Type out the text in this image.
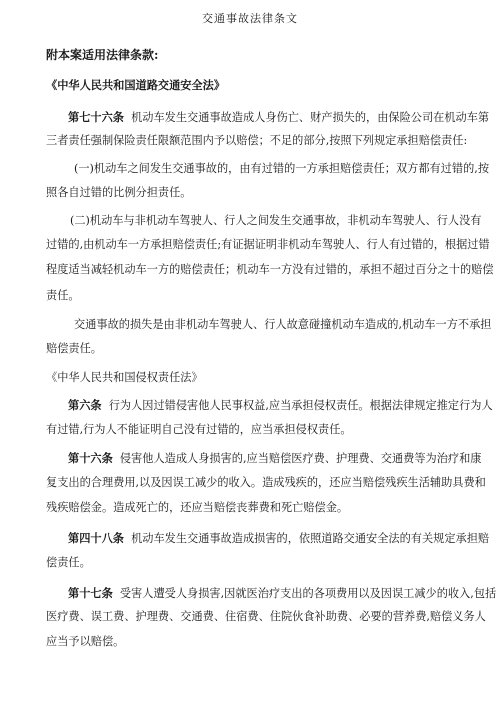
交通事故法律条文
附本案适用法律条款:
《中华人民共和国道路交通安全法》
第七十六条 机动车发生交通事故造成人身伤亡、财产损失的，由保险公司在机动车第
三者责任强制保险责任限额范围内予以赔偿；不足的部分,按照下列规定承担赔偿责任:
(一)机动车之间发生交通事故的，由有过错的一方承担赔偿责任；双方都有过错的,按
照各自过错的比例分担责任。
(二)机动车与非机动车驾驶人、行人之间发生交通事故，非机动车驾驶人、行人没有
过错的,由机动车一方承担赔偿责任;有证据证明非机动车驾驶人、行人有过错的，根据过错
程度适当减轻机动车一方的赔偿责任；机动车一方没有过错的，承担不超过百分之十的赔偿
责任。
交通事故的损失是由非机动车驾驶人、行人故意碰撞机动车造成的,机动车一方不承担
赔偿责任。
《中华人民共和国侵权责任法》
第六条 行为人因过错侵害他人民事权益,应当承担侵权责任。根据法律规定推定行为人
有过错,行为人不能证明自己没有过错的，应当承担侵权责任。
第十六条 侵害他人造成人身损害的,应当赔偿医疗费、护理费、交通费等为治疗和康
复支出的合理费用,以及因误工减少的收入。造成残疾的，还应当赔偿残疾生活辅助具费和
残疾赔偿金。造成死亡的，还应当赔偿丧葬费和死亡赔偿金。
第四十八条 机动车发生交通事故造成损害的，依照道路交通安全法的有关规定承担赔
偿责任。
第十七条 受害人遭受人身损害,因就医治疗支出的各项费用以及因误工减少的收入,包括
医疗费、误工费、护理费、交通费、住宿费、住院伙食补助费、必要的营养费,赔偿义务人
应当予以赔偿。
